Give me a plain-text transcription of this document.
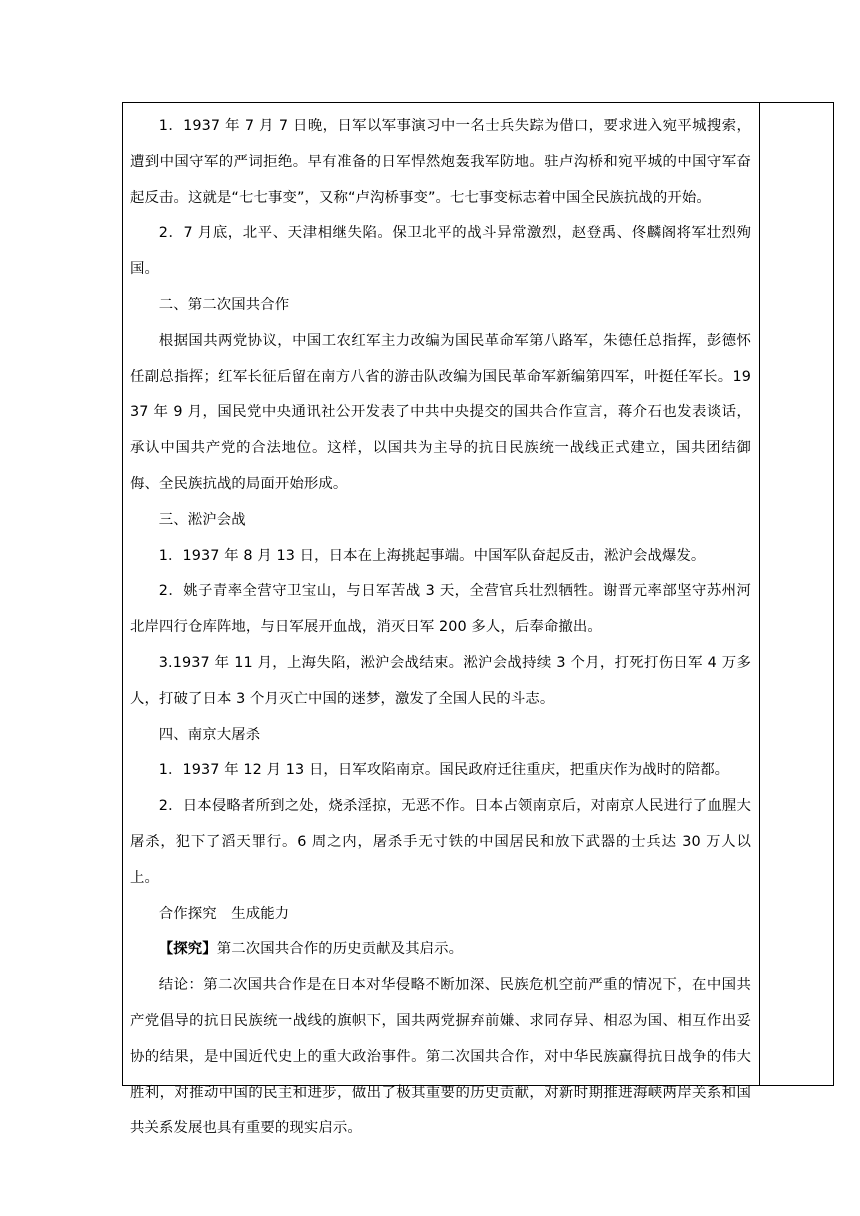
1．1937 年 7 月 7 日晚，日军以军事演习中一名士兵失踪为借口，要求进入宛平城搜索，遭到中国守军的严词拒绝。早有准备的日军悍然炮轰我军防地。驻卢沟桥和宛平城的中国守军奋起反击。这就是“七七事变”，又称“卢沟桥事变”。七七事变标志着中国全民族抗战的开始。

2．7 月底，北平、天津相继失陷。保卫北平的战斗异常激烈，赵登禹、佟麟阁将军壮烈殉国。

二、第二次国共合作

根据国共两党协议，中国工农红军主力改编为国民革命军第八路军，朱德任总指挥，彭德怀任副总指挥；红军长征后留在南方八省的游击队改编为国民革命军新编第四军，叶挺任军长。1937 年 9 月，国民党中央通讯社公开发表了中共中央提交的国共合作宣言，蒋介石也发表谈话，承认中国共产党的合法地位。这样，以国共为主导的抗日民族统一战线正式建立，国共团结御侮、全民族抗战的局面开始形成。

三、淞沪会战

1．1937 年 8 月 13 日，日本在上海挑起事端。中国军队奋起反击，淞沪会战爆发。

2．姚子青率全营守卫宝山，与日军苦战 3 天，全营官兵壮烈牺牲。谢晋元率部坚守苏州河北岸四行仓库阵地，与日军展开血战，消灭日军 200 多人，后奉命撤出。

3.1937 年 11 月，上海失陷，淞沪会战结束。淞沪会战持续 3 个月，打死打伤日军 4 万多人，打破了日本 3 个月灭亡中国的迷梦，激发了全国人民的斗志。

四、南京大屠杀

1．1937 年 12 月 13 日，日军攻陷南京。国民政府迁往重庆，把重庆作为战时的陪都。

2．日本侵略者所到之处，烧杀淫掠，无恶不作。日本占领南京后，对南京人民进行了血腥大屠杀，犯下了滔天罪行。6 周之内，屠杀手无寸铁的中国居民和放下武器的士兵达 30 万人以上。

合作探究　生成能力

【探究】第二次国共合作的历史贡献及其启示。

结论：第二次国共合作是在日本对华侵略不断加深、民族危机空前严重的情况下，在中国共产党倡导的抗日民族统一战线的旗帜下，国共两党摒弃前嫌、求同存异、相忍为国、相互作出妥协的结果，是中国近代史上的重大政治事件。第二次国共合作，对中华民族赢得抗日战争的伟大胜利，对推动中国的民主和进步，做出了极其重要的历史贡献，对新时期推进海峡两岸关系和国共关系发展也具有重要的现实启示。
